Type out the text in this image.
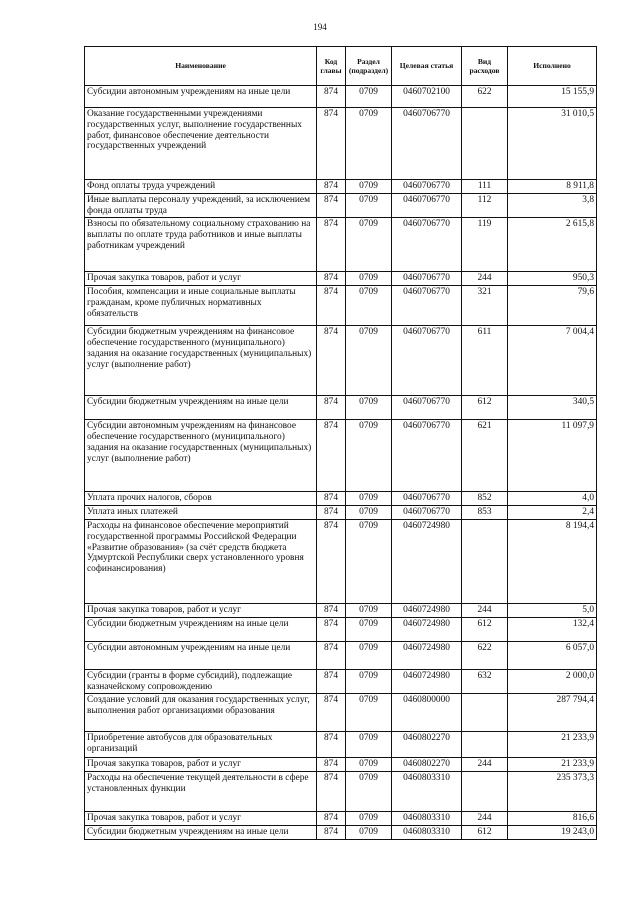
194
Наименование	Код главы	Раздел (подраздел)	Целевая статья	Вид расходов	Исполнено
Субсидии автономным учреждениям на иные цели	874	0709	0460702100	622	15 155,9
Оказание государственными учреждениями государственных услуг, выполнение государственных работ, финансовое обеспечение деятельности государственных учреждений	874	0709	0460706770		31 010,5
Фонд оплаты труда учреждений	874	0709	0460706770	111	8 911,8
Иные выплаты персоналу учреждений, за исключением фонда оплаты труда	874	0709	0460706770	112	3,8
Взносы по обязательному социальному страхованию на выплаты по оплате труда работников и иные выплаты работникам учреждений	874	0709	0460706770	119	2 615,8
Прочая закупка товаров, работ и услуг	874	0709	0460706770	244	950,3
Пособия, компенсации и иные социальные выплаты гражданам, кроме публичных нормативных обязательств	874	0709	0460706770	321	79,6
Субсидии бюджетным учреждениям на финансовое обеспечение государственного (муниципального) задания на оказание государственных (муниципальных) услуг (выполнение работ)	874	0709	0460706770	611	7 004,4
Субсидии бюджетным учреждениям на иные цели	874	0709	0460706770	612	340,5
Субсидии автономным учреждениям на финансовое обеспечение государственного (муниципального) задания на оказание государственных (муниципальных) услуг (выполнение работ)	874	0709	0460706770	621	11 097,9
Уплата прочих налогов, сборов	874	0709	0460706770	852	4,0
Уплата иных платежей	874	0709	0460706770	853	2,4
Расходы на финансовое обеспечение мероприятий государственной программы Российской Федерации «Развитие образования» (за счёт средств бюджета Удмуртской Республики сверх установленного уровня софинансирования)	874	0709	0460724980		8 194,4
Прочая закупка товаров, работ и услуг	874	0709	0460724980	244	5,0
Субсидии бюджетным учреждениям на иные цели	874	0709	0460724980	612	132,4
Субсидии автономным учреждениям на иные цели	874	0709	0460724980	622	6 057,0
Субсидии (гранты в форме субсидий), подлежащие казначейскому сопровождению	874	0709	0460724980	632	2 000,0
Создание условий для оказания государственных услуг, выполнения работ организациями образования	874	0709	0460800000		287 794,4
Приобретение автобусов для образовательных организаций	874	0709	0460802270		21 233,9
Прочая закупка товаров, работ и услуг	874	0709	0460802270	244	21 233,9
Расходы на обеспечение текущей деятельности в сфере установленных функции	874	0709	0460803310		235 373,3
Прочая закупка товаров, работ и услуг	874	0709	0460803310	244	816,6
Субсидии бюджетным учреждениям на иные цели	874	0709	0460803310	612	19 243,0
